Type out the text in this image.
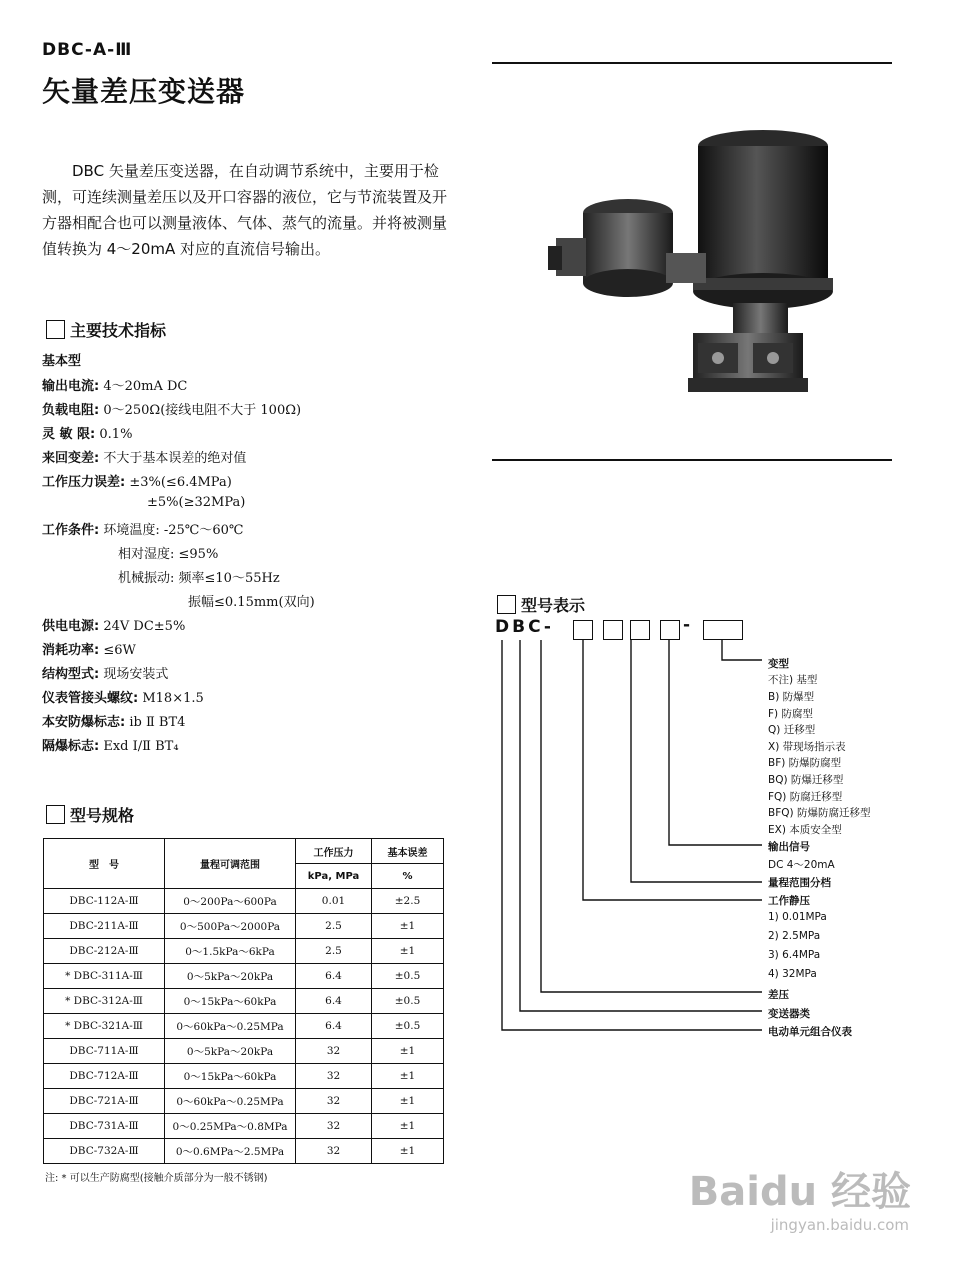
DBC-A-Ⅲ
矢量差压变送器

DBC 矢量差压变送器，在自动调节系统中，主要用于检测，可连续测量差压以及开口容器的液位，它与节流装置及开方器相配合也可以测量液体、气体、蒸气的流量。并将被测量值转换为 4～20mA 对应的直流信号输出。

主要技术指标
基本型
输出电流: 4～20mA DC
负载电阻: 0～250Ω(接线电阻不大于 100Ω)
灵 敏 限: 0.1%
来回变差: 不大于基本误差的绝对值
工作压力误差: ±3%(≤6.4MPa)
±5%(≥32MPa)
工作条件: 环境温度: -25℃～60℃
相对湿度: ≤95%
机械振动: 频率≤10～55Hz
振幅≤0.15mm(双向)
供电电源: 24V DC±5%
消耗功率: ≤6W
结构型式: 现场安装式
仪表管接头螺纹: M18×1.5
本安防爆标志: ib Ⅱ BT4
隔爆标志: Exd Ⅰ/Ⅱ BT₄
型号规格
型　号	量程可调范围	工作压力	基本误差
		kPa, MPa	%
DBC-112A-Ⅲ	0～200Pa～600Pa	0.01	±2.5
DBC-211A-Ⅲ	0～500Pa～2000Pa	2.5	±1
DBC-212A-Ⅲ	0～1.5kPa～6kPa	2.5	±1
* DBC-311A-Ⅲ	0～5kPa～20kPa	6.4	±0.5
* DBC-312A-Ⅲ	0～15kPa～60kPa	6.4	±0.5
* DBC-321A-Ⅲ	0～60kPa～0.25MPa	6.4	±0.5
DBC-711A-Ⅲ	0～5kPa～20kPa	32	±1
DBC-712A-Ⅲ	0～15kPa～60kPa	32	±1
DBC-721A-Ⅲ	0～60kPa～0.25MPa	32	±1
DBC-731A-Ⅲ	0～0.25MPa～0.8MPa	32	±1
DBC-732A-Ⅲ	0～0.6MPa～2.5MPa	32	±1
注: * 可以生产防腐型(接触介质部分为一般不锈钢)
型号表示
DBC-	-
变型
不注) 基型
B) 防爆型
F) 防腐型
Q) 迁移型
X) 带现场指示表
BF) 防爆防腐型
BQ) 防爆迁移型
FQ) 防腐迁移型
BFQ) 防爆防腐迁移型
EX) 本质安全型
输出信号
DC 4～20mA
量程范围分档
工作静压
1) 0.01MPa
2) 2.5MPa
3) 6.4MPa
4) 32MPa
差压
变送器类
电动单元组合仪表
Baidu 经验
jingyan.baidu.com
